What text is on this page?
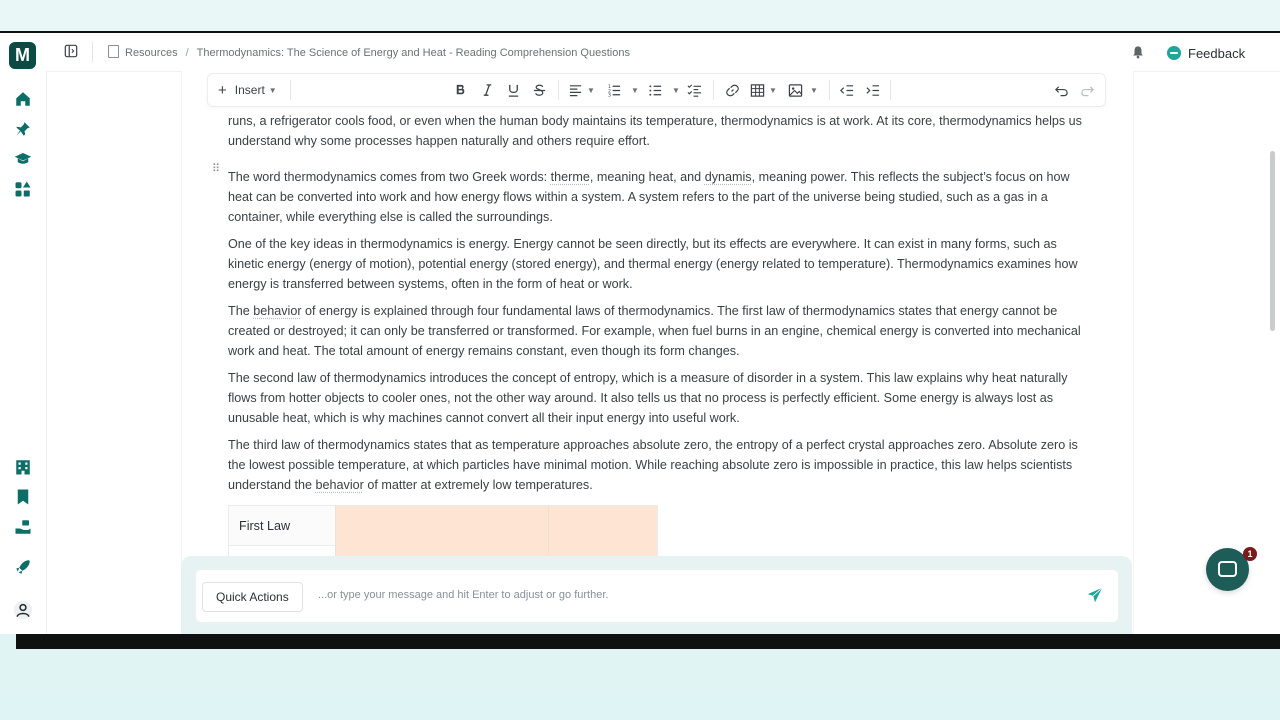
M	Resources / Thermodynamics: The Science of Energy and Heat - Reading Comprehension Questions	Feedback
+ Insert ▼	▼	1
2
3
▼	▼	▼	▼

runs, a refrigerator cools food, or even when the human body maintains its temperature, thermodynamics is at work. At its core, thermodynamics helps us understand why some processes happen naturally and others require effort.

The word thermodynamics comes from two Greek words: therme, meaning heat, and dynamis, meaning power. This reflects the subject’s focus on how heat can be converted into work and how energy flows within a system. A system refers to the part of the universe being studied, such as a gas in a container, while everything else is called the surroundings.

One of the key ideas in thermodynamics is energy. Energy cannot be seen directly, but its effects are everywhere. It can exist in many forms, such as kinetic energy (energy of motion), potential energy (stored energy), and thermal energy (energy related to temperature). Thermodynamics examines how energy is transferred between systems, often in the form of heat or work.

The behavior of energy is explained through four fundamental laws of thermodynamics. The first law of thermodynamics states that energy cannot be created or destroyed; it can only be transferred or transformed. For example, when fuel burns in an engine, chemical energy is converted into mechanical work and heat. The total amount of energy remains constant, even though its form changes.

The second law of thermodynamics introduces the concept of entropy, which is a measure of disorder in a system. This law explains why heat naturally flows from hotter objects to cooler ones, not the other way around. It also tells us that no process is perfectly efficient. Some energy is always lost as unusable heat, which is why machines cannot convert all their input energy into useful work.

The third law of thermodynamics states that as temperature approaches absolute zero, the entropy of a perfect crystal approaches zero. Absolute zero is the lowest possible temperature, at which particles have minimal motion. While reaching absolute zero is impossible in practice, this law helps scientists understand the behavior of matter at extremely low temperatures.

⠿
First Law
Quick Actions
...or type your message and hit Enter to adjust or go further.
1
